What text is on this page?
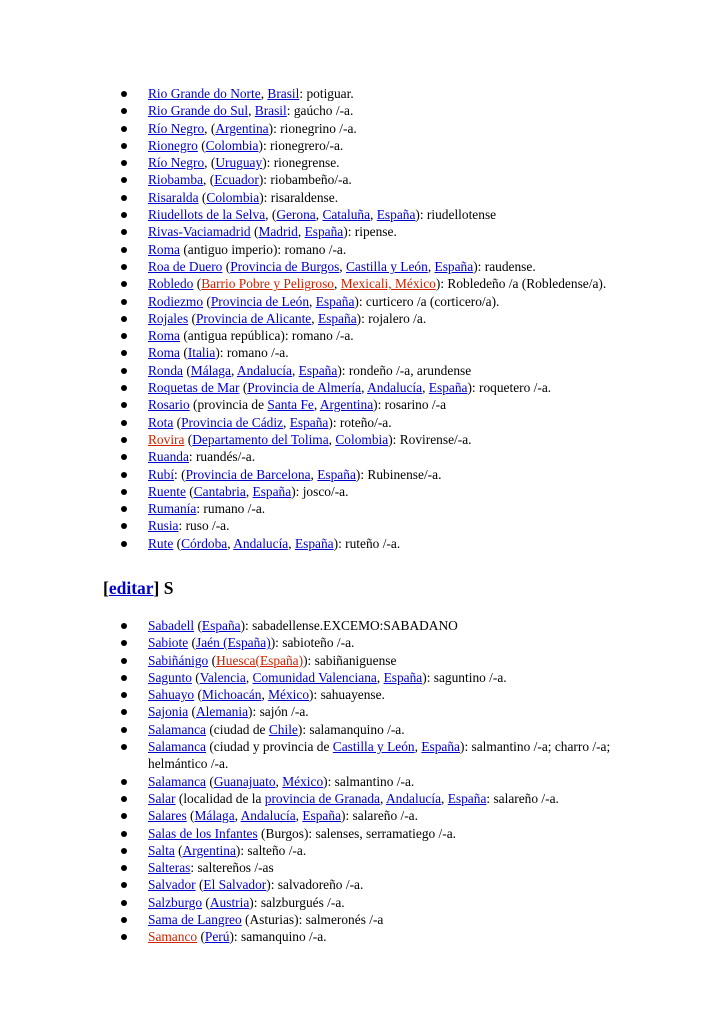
Rio Grande do Norte, Brasil: potiguar.
Rio Grande do Sul, Brasil: gaúcho /-a.
Río Negro, (Argentina): rionegrino /-a.
Rionegro (Colombia): rionegrero/-a.
Río Negro, (Uruguay): rionegrense.
Riobamba, (Ecuador): riobambeño/-a.
Risaralda (Colombia): risaraldense.
Riudellots de la Selva, (Gerona, Cataluña, España): riudellotense
Rivas-Vaciamadrid (Madrid, España): ripense.
Roma (antiguo imperio): romano /-a.
Roa de Duero (Provincia de Burgos, Castilla y León, España): raudense.
Robledo (Barrio Pobre y Peligroso, Mexicali, México): Robledeño /a (Robledense/a).
Rodiezmo (Provincia de León, España): curticero /a (corticero/a).
Rojales (Provincia de Alicante, España): rojalero /a.
Roma (antigua república): romano /-a.
Roma (Italia): romano /-a.
Ronda (Málaga, Andalucía, España): rondeño /-a, arundense
Roquetas de Mar (Provincia de Almería, Andalucía, España): roquetero /-a.
Rosario (provincia de Santa Fe, Argentina): rosarino /-a
Rota (Provincia de Cádiz, España): roteño/-a.
Rovira (Departamento del Tolima, Colombia): Rovirense/-a.
Ruanda: ruandés/-a.
Rubí: (Provincia de Barcelona, España): Rubinense/-a.
Ruente (Cantabria, España): josco/-a.
Rumanía: rumano /-a.
Rusia: ruso /-a.
Rute (Córdoba, Andalucía, España): ruteño /-a.
[editar] S
Sabadell (España): sabadellense.EXCEMO:SABADANO
Sabiote (Jaén (España)): sabioteño /-a.
Sabiñánigo (Huesca(España)): sabiñaniguense
Sagunto (Valencia, Comunidad Valenciana, España): saguntino /-a.
Sahuayo (Michoacán, México): sahuayense.
Sajonia (Alemania): sajón /-a.
Salamanca (ciudad de Chile): salamanquino /-a.
Salamanca (ciudad y provincia de Castilla y León, España): salmantino /-a; charro /-a; helmántico /-a.
Salamanca (Guanajuato, México): salmantino /-a.
Salar (localidad de la provincia de Granada, Andalucía, España: salareño /-a.
Salares (Málaga, Andalucía, España): salareño /-a.
Salas de los Infantes (Burgos): salenses, serramatiego /-a.
Salta (Argentina): salteño /-a.
Salteras: saltereños /-as
Salvador (El Salvador): salvadoreño /-a.
Salzburgo (Austria): salzburgués /-a.
Sama de Langreo (Asturias): salmeronés /-a
Samanco (Perú): samanquino /-a.
